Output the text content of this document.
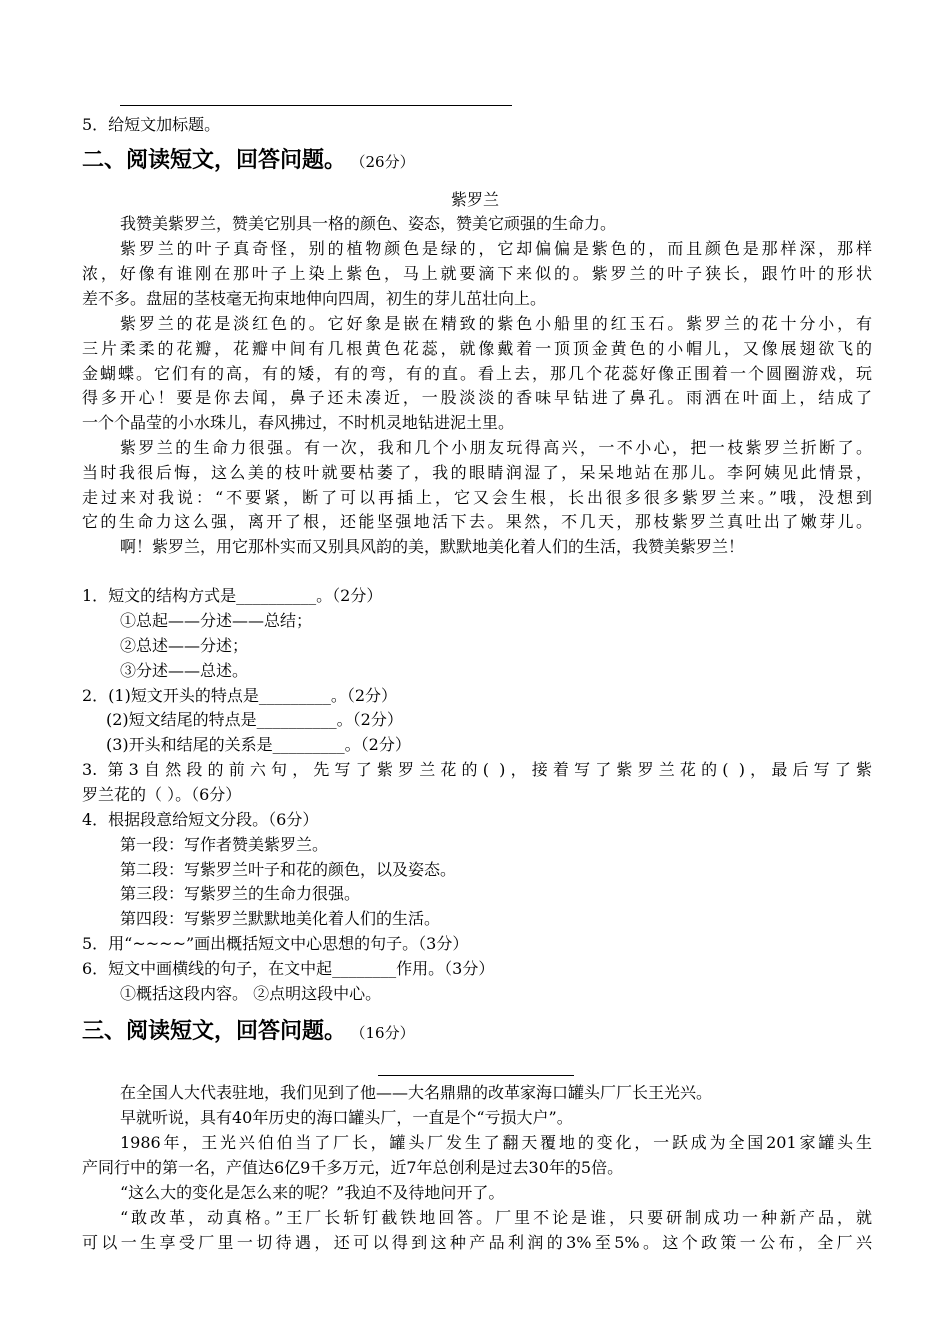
5．给短文加标题。
二、阅读短文，回答问题。 （26分）
紫罗兰
我赞美紫罗兰，赞美它别具一格的颜色、姿态，赞美它顽强的生命力。
紫罗兰的叶子真奇怪，别的植物颜色是绿的，它却偏偏是紫色的，而且颜色是那样深，那样
浓，好像有谁刚在那叶子上染上紫色，马上就要滴下来似的。紫罗兰的叶子狭长，跟竹叶的形状
差不多。盘屈的茎枝毫无拘束地伸向四周，初生的芽儿茁壮向上。
紫罗兰的花是淡红色的。它好象是嵌在精致的紫色小船里的红玉石。紫罗兰的花十分小，有
三片柔柔的花瓣，花瓣中间有几根黄色花蕊，就像戴着一顶顶金黄色的小帽儿，又像展翅欲飞的
金蝴蝶。它们有的高，有的矮，有的弯，有的直。看上去，那几个花蕊好像正围着一个圆圈游戏，玩
得多开心！要是你去闻，鼻子还未凑近，一股淡淡的香味早钻进了鼻孔。雨洒在叶面上，结成了
一个个晶莹的小水珠儿，春风拂过，不时机灵地钻进泥土里。
紫罗兰的生命力很强。有一次，我和几个小朋友玩得高兴，一不小心，把一枝紫罗兰折断了。
当时我很后悔，这么美的枝叶就要枯萎了，我的眼睛润湿了，呆呆地站在那儿。李阿姨见此情景，
走过来对我说：“不要紧，断了可以再插上，它又会生根，长出很多很多紫罗兰来。”哦，没想到
它的生命力这么强，离开了根，还能坚强地活下去。果然，不几天，那枝紫罗兰真吐出了嫩芽儿。
啊！紫罗兰，用它那朴实而又别具风韵的美，默默地美化着人们的生活，我赞美紫罗兰！
1．短文的结构方式是__________。（2分）
①总起——分述——总结；
②总述——分述；
③分述——总述。
2．(1)短文开头的特点是_________。（2分）
(2)短文结尾的特点是__________。（2分）
(3)开头和结尾的关系是_________。（2分）
3. 第3自然段的前六句，先写了紫罗兰花的( )，接着写了紫罗兰花的( )，最后写了紫
罗兰花的（ ）。（6分）
4．根据段意给短文分段。（6分）
第一段：写作者赞美紫罗兰。
第二段：写紫罗兰叶子和花的颜色，以及姿态。
第三段：写紫罗兰的生命力很强。
第四段：写紫罗兰默默地美化着人们的生活。
5．用“~~~~”画出概括短文中心思想的句子。（3分）
6．短文中画横线的句子，在文中起________作用。（3分）
①概括这段内容。 ②点明这段中心。
三、阅读短文，回答问题。 （16分）
在全国人大代表驻地，我们见到了他——大名鼎鼎的改革家海口罐头厂厂长王光兴。
早就听说，具有40年历史的海口罐头厂，一直是个“亏损大户”。
1986年，王光兴伯伯当了厂长，罐头厂发生了翻天覆地的变化，一跃成为全国201家罐头生
产同行中的第一名，产值达6亿9千多万元，近7年总创利是过去30年的5倍。
“这么大的变化是怎么来的呢？”我迫不及待地问开了。
“敢改革，动真格。”王厂长斩钉截铁地回答。厂里不论是谁，只要研制成功一种新产品，就
可以一生享受厂里一切待遇，还可以得到这种产品利润的3%至5%。这个政策一公布，全厂兴
